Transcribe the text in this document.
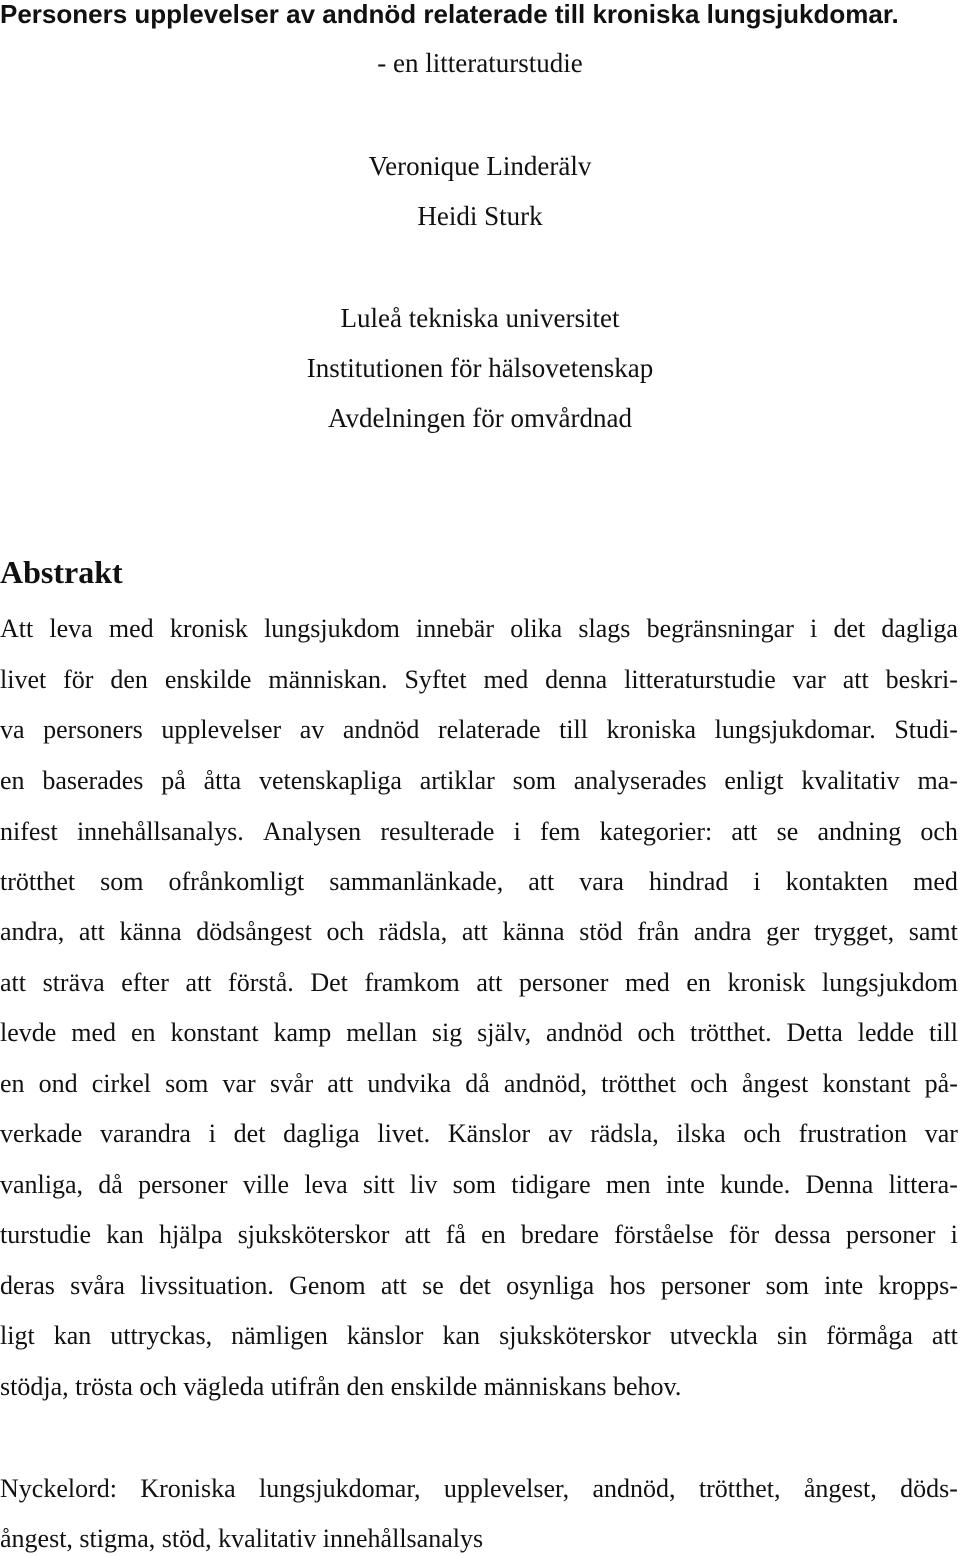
Personers upplevelser av andnöd relaterade till kroniska lungsjukdomar.

- en litteraturstudie

Veronique Linderälv

Heidi Sturk

Luleå tekniska universitet

Institutionen för hälsovetenskap

Avdelningen för omvårdnad

Abstrakt

Att leva med kronisk lungsjukdom innebär olika slags begränsningar i det dagliga

livet för den enskilde människan. Syftet med denna litteraturstudie var att beskri-

va personers upplevelser av andnöd relaterade till kroniska lungsjukdomar. Studi-

en baserades på åtta vetenskapliga artiklar som analyserades enligt kvalitativ ma-

nifest innehållsanalys. Analysen resulterade i fem kategorier: att se andning och

trötthet som ofrånkomligt sammanlänkade, att vara hindrad i kontakten med

andra, att känna dödsångest och rädsla, att känna stöd från andra ger trygget, samt

att sträva efter att förstå. Det framkom att personer med en kronisk lungsjukdom

levde med en konstant kamp mellan sig själv, andnöd och trötthet. Detta ledde till

en ond cirkel som var svår att undvika då andnöd, trötthet och ångest konstant på-

verkade varandra i det dagliga livet. Känslor av rädsla, ilska och frustration var

vanliga, då personer ville leva sitt liv som tidigare men inte kunde. Denna littera-

turstudie kan hjälpa sjuksköterskor att få en bredare förståelse för dessa personer i

deras svåra livssituation. Genom att se det osynliga hos personer som inte kropps-

ligt kan uttryckas, nämligen känslor kan sjuksköterskor utveckla sin förmåga att

stödja, trösta och vägleda utifrån den enskilde människans behov.

Nyckelord: Kroniska lungsjukdomar, upplevelser, andnöd, trötthet, ångest, döds-

ångest, stigma, stöd, kvalitativ innehållsanalys
